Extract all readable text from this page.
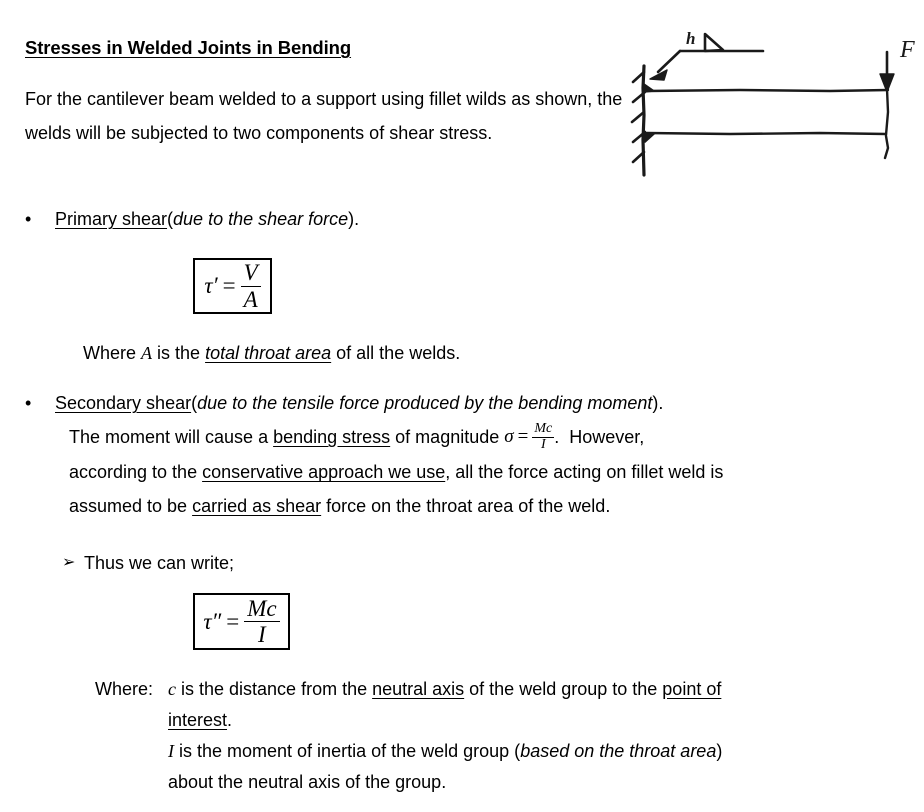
Stresses in Welded Joints in Bending
For the cantilever beam welded to a support using fillet wilds as shown, the welds will be subjected to two components of shear stress.
•	Primary shear(due to the shear force).
$\tau' = \frac{V}{A}$
Where A is the total throat area of all the welds.
•	Secondary shear(due to the tensile force produced by the bending moment).
The moment will cause a bending stress of magnitude $\sigma = \frac{Mc}{I}$ .  However,
according to the conservative approach we use, all the force acting on fillet weld is
assumed to be carried as shear force on the throat area of the weld.
➢ Thus we can write;
$\tau'' = \frac{Mc}{I}$
Where: c is the distance from the neutral axis of the weld group to the point of
interest.
I is the moment of inertia of the weld group (based on the throat area)
about the neutral axis of the group.
h	F
